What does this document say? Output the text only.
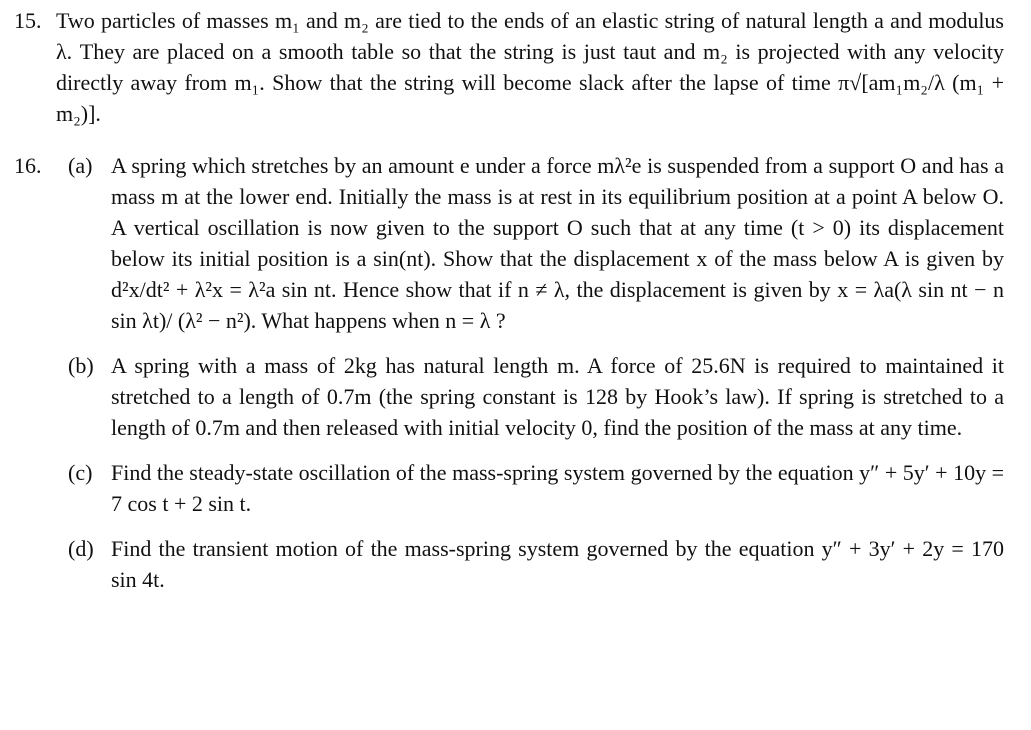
15. Two particles of masses m₁ and m₂ are tied to the ends of an elastic string of natural length a and modulus λ. They are placed on a smooth table so that the string is just taut and m₂ is projected with any velocity directly away from m₁. Show that the string will become slack after the lapse of time π√[am₁m₂/λ (m₁ + m₂)].
16. (a) A spring which stretches by an amount e under a force mλ²e is suspended from a support O and has a mass m at the lower end. Initially the mass is at rest in its equilibrium position at a point A below O. A vertical oscillation is now given to the support O such that at any time (t > 0) its displacement below its initial position is a sin(nt). Show that the displacement x of the mass below A is given by d²x/dt² + λ²x = λ²a sin nt. Hence show that if n ≠ λ, the displacement is given by x = λa(λ sin nt − n sin λt)/ (λ² − n²). What happens when n = λ ?
(b) A spring with a mass of 2kg has natural length m. A force of 25.6N is required to maintained it stretched to a length of 0.7m (the spring constant is 128 by Hook’s law). If spring is stretched to a length of 0.7m and then released with initial velocity 0, find the position of the mass at any time.
(c) Find the steady-state oscillation of the mass-spring system governed by the equation y″ + 5y′ + 10y = 7 cos t + 2 sin t.
(d) Find the transient motion of the mass-spring system governed by the equation y″ + 3y′ + 2y = 170 sin 4t.
